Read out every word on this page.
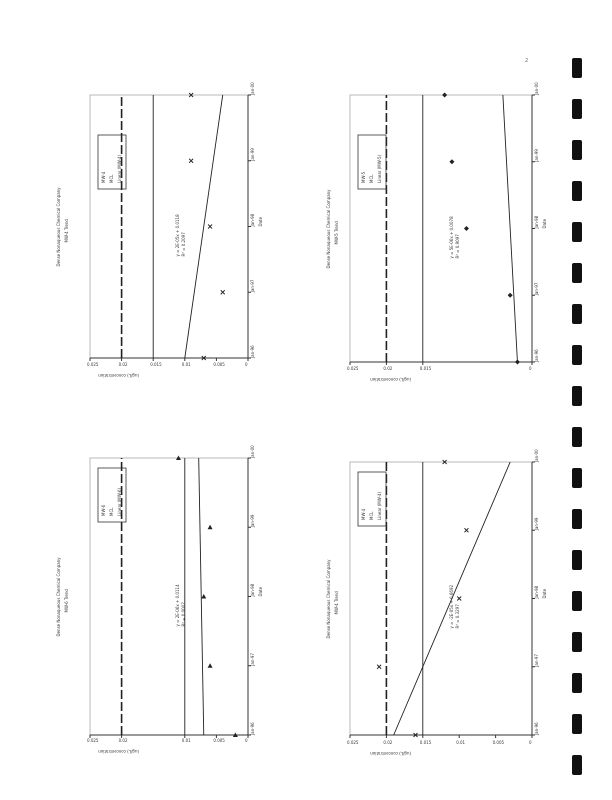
0.025	0.02	0.01	0.005	0
(ug/L) concentration
Jan-96
Jan-97
Jan-98
Jan-99
Jan-00
Date
Dense Nonaqueous Chemical Company MW-6 Trend	y = 2E-06x + 0.0114 R² = 0.0007
MW-6 MCL Linear (MW-6)
0.025	0.02	0.015	0.01	0.005	0
(ug/L) concentration
Jan-96
Jan-97
Jan-98
Jan-99
Jan-00
Date
Dense Nonaqueous Chemical Company MW-4 Trend	y = 2E-05x + 0.0118 R² = 0.2097
MW-4 MCL Linear (MW-4)
0.025	0.02	0.015	0.01	0.005	0
(ug/L) concentration
Jan-96
Jan-97
Jan-98
Jan-99
Jan-00
Date
Dense Nonaqueous Chemical Company MW-4 Trend	y = -2E-05x + 0.6692 R² = 0.3297
MW-4 MCL Linear (MW-4)
0.025	0.02	0.015	0
(ug/L) concentration
Jan-96
Jan-97
Jan-98
Jan-99
Jan-00
Date
Dense Nonaqueous Chemical Company MW-5 Trend	y = 5E-06x + 0.0078 R² = 0.9097
MW-5 MCL Linear (MW-5)
2
